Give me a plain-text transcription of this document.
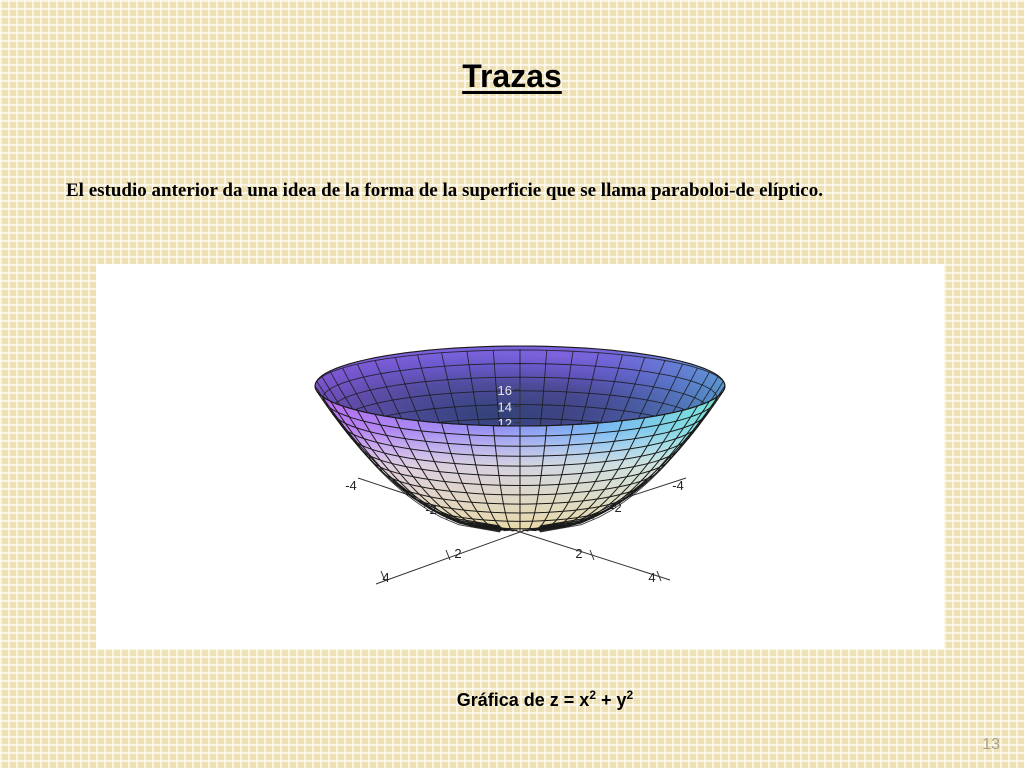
Trazas

El estudio anterior da una idea de la forma de la superficie que se llama paraboloi-de elíptico.

16
14
12
-4	-4
-2	-2
2
4
2
4
Gráfica de $z = x^2 + y^2$
13
